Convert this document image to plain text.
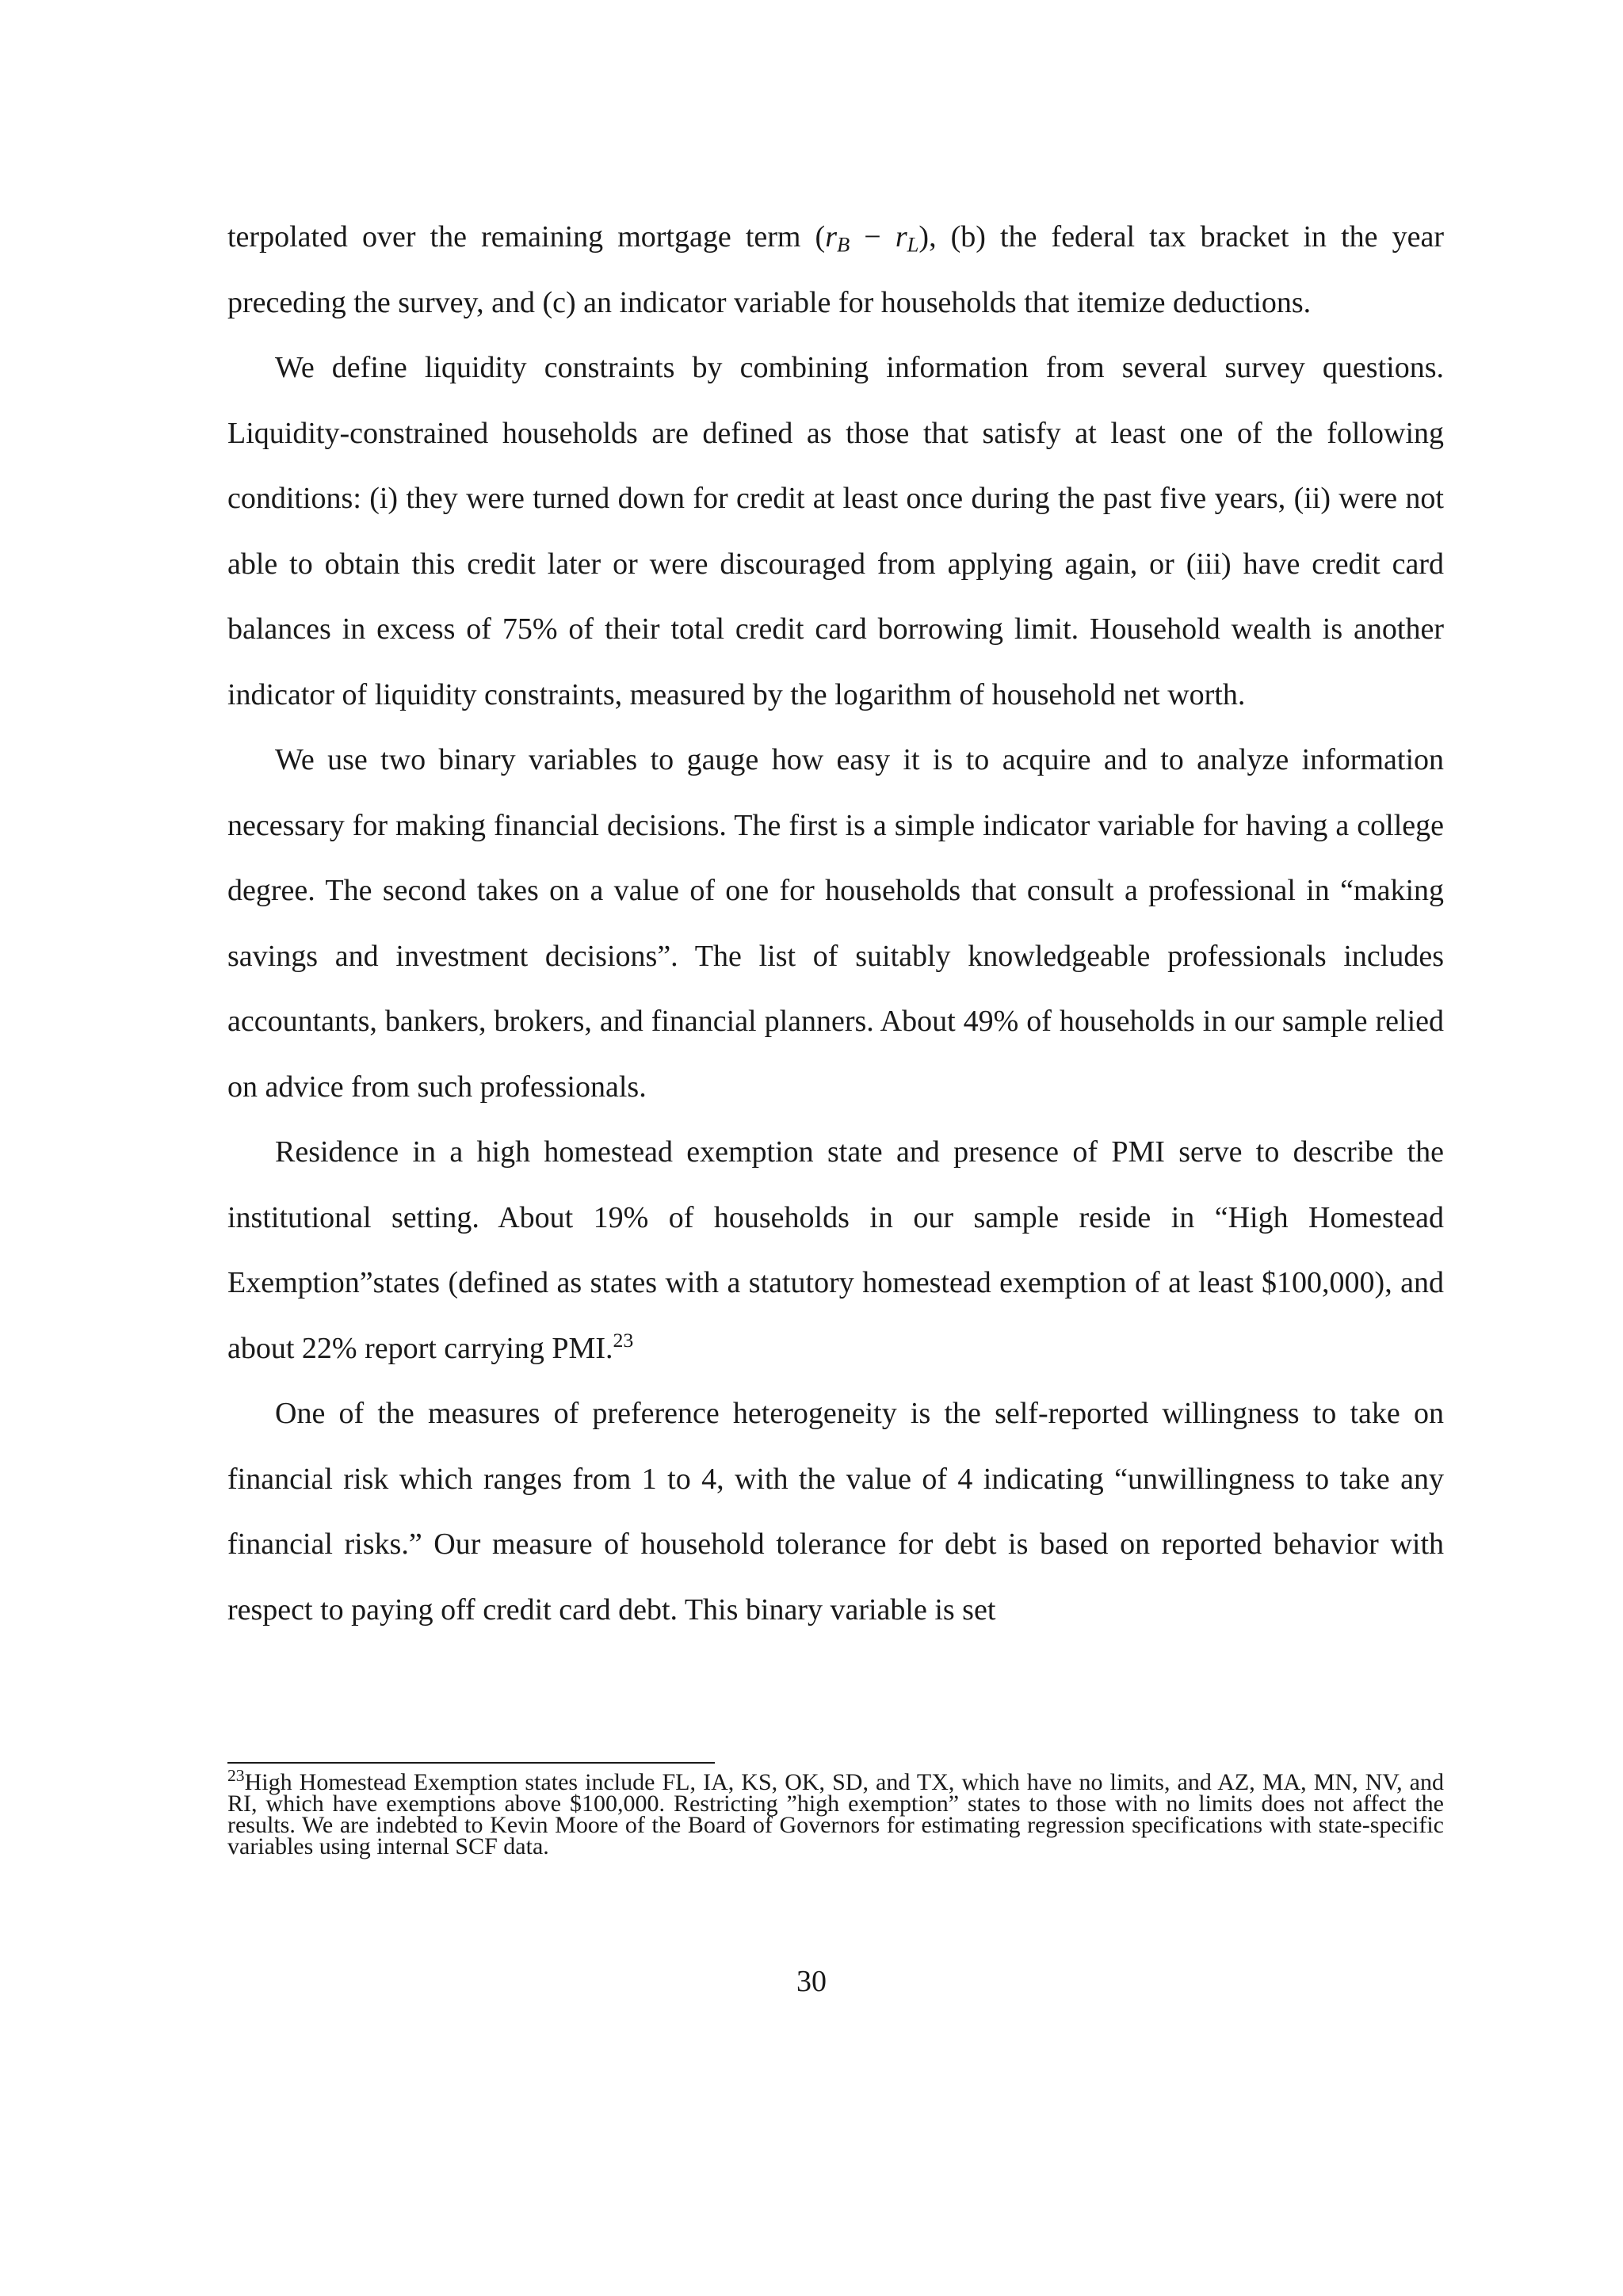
terpolated over the remaining mortgage term $(r_B - r_L)$, (b) the federal tax bracket in the year preceding the survey, and (c) an indicator variable for households that itemize deductions.

We define liquidity constraints by combining information from several survey questions. Liquidity-constrained households are defined as those that satisfy at least one of the following conditions: (i) they were turned down for credit at least once during the past five years, (ii) were not able to obtain this credit later or were discouraged from applying again, or (iii) have credit card balances in excess of 75% of their total credit card borrowing limit. Household wealth is another indicator of liquidity constraints, measured by the logarithm of household net worth.

We use two binary variables to gauge how easy it is to acquire and to analyze information necessary for making financial decisions. The first is a simple indicator variable for having a college degree. The second takes on a value of one for households that consult a professional in “making savings and investment decisions”. The list of suitably knowledgeable professionals includes accountants, bankers, brokers, and financial planners. About 49% of households in our sample relied on advice from such professionals.

Residence in a high homestead exemption state and presence of PMI serve to describe the institutional setting. About 19% of households in our sample reside in “High Homestead Exemption”states (defined as states with a statutory homestead exemption of at least $100,000), and about 22% report carrying PMI.$^{23}$

One of the measures of preference heterogeneity is the self-reported willingness to take on financial risk which ranges from 1 to 4, with the value of 4 indicating “unwillingness to take any financial risks.” Our measure of household tolerance for debt is based on reported behavior with respect to paying off credit card debt. This binary variable is set

$^{23}$High Homestead Exemption states include FL, IA, KS, OK, SD, and TX, which have no limits, and AZ, MA, MN, NV, and RI, which have exemptions above $100,000. Restricting ”high exemption” states to those with no limits does not affect the results. We are indebted to Kevin Moore of the Board of Governors for estimating regression specifications with state-specific variables using internal SCF data.

30
